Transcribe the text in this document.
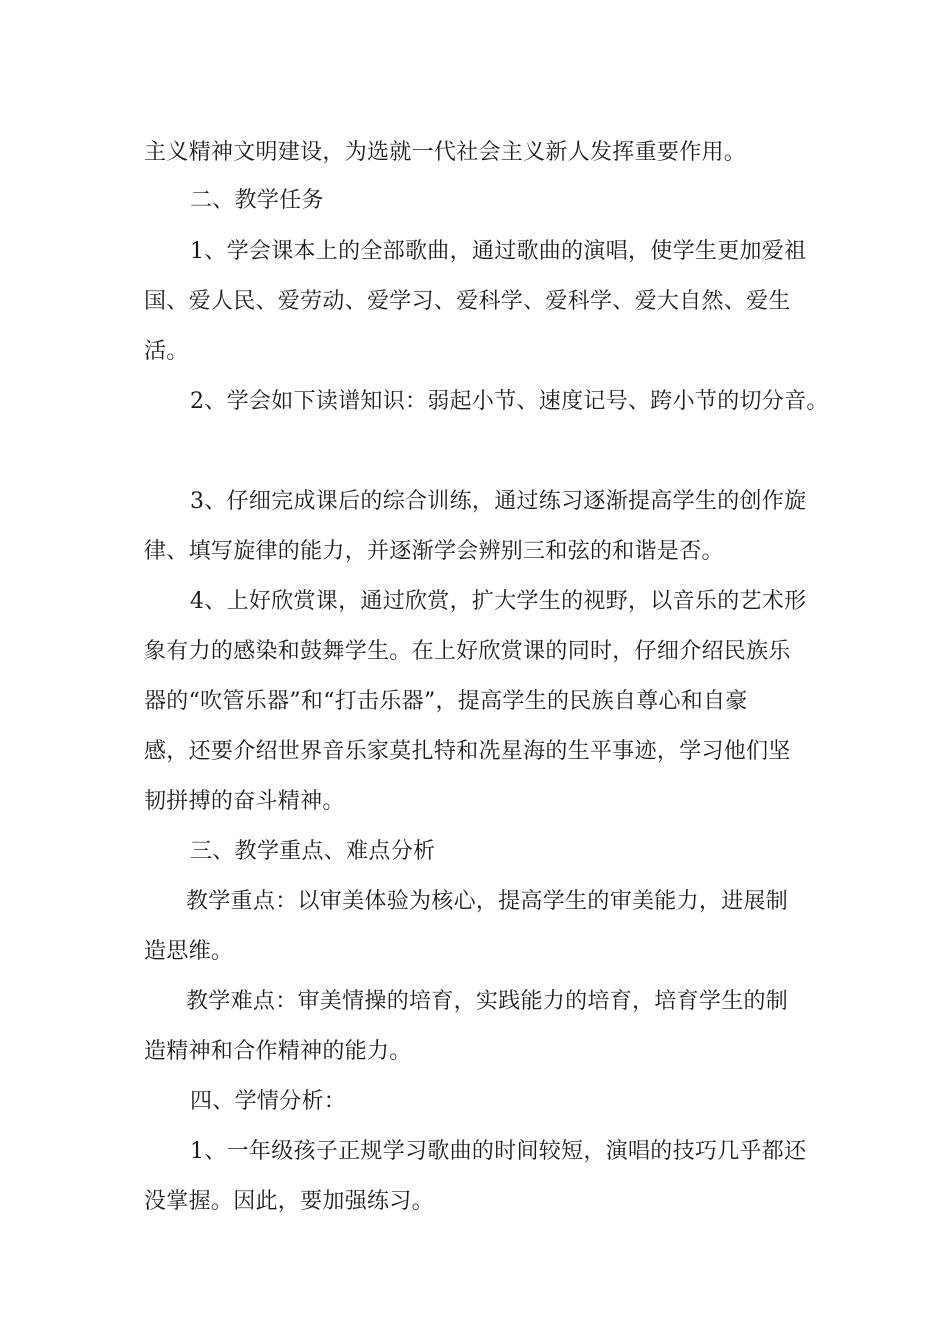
主义精神文明建设，为选就一代社会主义新人发挥重要作用。
二、教学任务
1、学会课本上的全部歌曲，通过歌曲的演唱，使学生更加爱祖
国、爱人民、爱劳动、爱学习、爱科学、爱科学、爱大自然、爱生
活。
2、学会如下读谱知识：弱起小节、速度记号、跨小节的切分音。
3、仔细完成课后的综合训练，通过练习逐渐提高学生的创作旋
律、填写旋律的能力，并逐渐学会辨别三和弦的和谐是否。
4、上好欣赏课，通过欣赏，扩大学生的视野，以音乐的艺术形
象有力的感染和鼓舞学生。在上好欣赏课的同时，仔细介绍民族乐
器的“吹管乐器”和“打击乐器”，提高学生的民族自尊心和自豪
感，还要介绍世界音乐家莫扎特和冼星海的生平事迹，学习他们坚
韧拼搏的奋斗精神。
三、教学重点、难点分析
教学重点：以审美体验为核心，提高学生的审美能力，进展制
造思维。
教学难点：审美情操的培育，实践能力的培育，培育学生的制
造精神和合作精神的能力。
四、学情分析：
1、一年级孩子正规学习歌曲的时间较短，演唱的技巧几乎都还
没掌握。因此，要加强练习。
